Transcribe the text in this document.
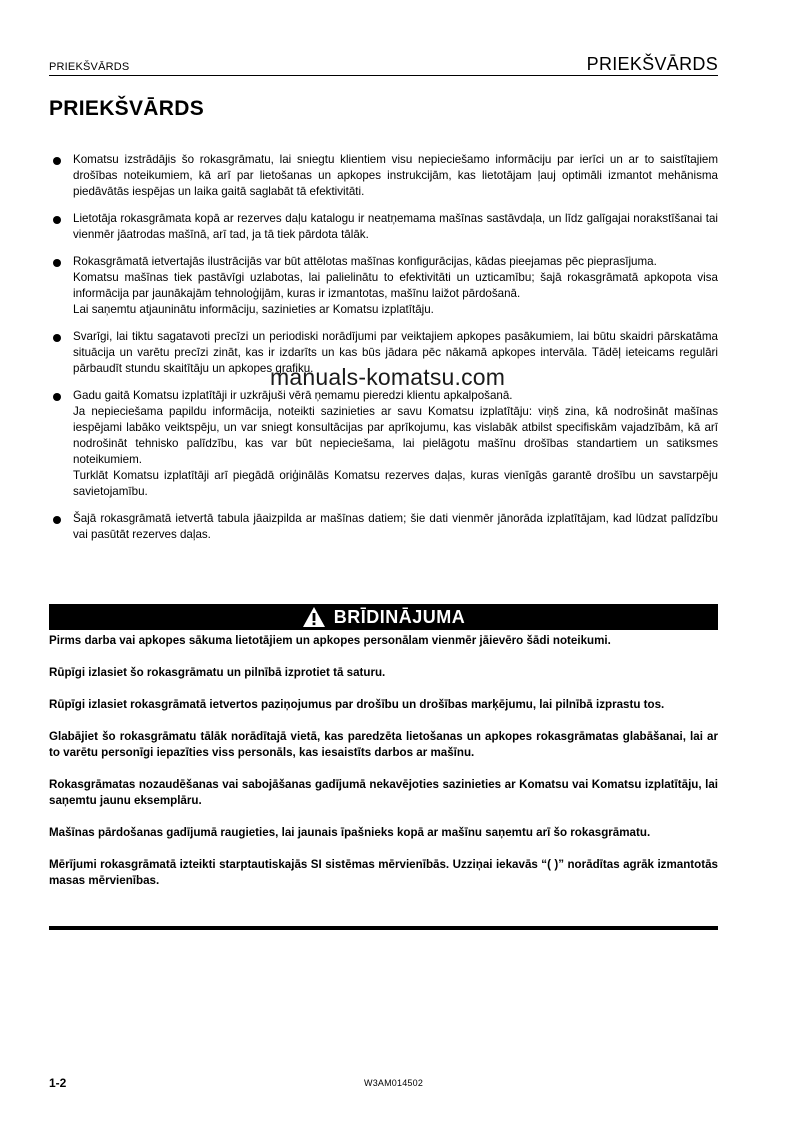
PRIEKŠVĀRDS	PRIEKŠVĀRDS
PRIEKŠVĀRDS

Komatsu izstrādājis šo rokasgrāmatu, lai sniegtu klientiem visu nepieciešamo informāciju par ierīci un ar to saistītajiem drošības noteikumiem, kā arī par lietošanas un apkopes instrukcijām, kas lietotājam ļauj optimāli izmantot mehānisma piedāvātās iespējas un laika gaitā saglabāt tā efektivitāti.

Lietotāja rokasgrāmata kopā ar rezerves daļu katalogu ir neatņemama mašīnas sastāvdaļa, un līdz galīgajai norakstīšanai tai vienmēr jāatrodas mašīnā, arī tad, ja tā tiek pārdota tālāk.

Rokasgrāmatā ietvertajās ilustrācijās var būt attēlotas mašīnas konfigurācijas, kādas pieejamas pēc pieprasījuma.

Komatsu mašīnas tiek pastāvīgi uzlabotas, lai palielinātu to efektivitāti un uzticamību; šajā rokasgrāmatā apkopota visa informācija par jaunākajām tehnoloģijām, kuras ir izmantotas, mašīnu laižot pārdošanā.

Lai saņemtu atjauninātu informāciju, sazinieties ar Komatsu izplatītāju.

Svarīgi, lai tiktu sagatavoti precīzi un periodiski norādījumi par veiktajiem apkopes pasākumiem, lai būtu skaidri pārskatāma situācija un varētu precīzi zināt, kas ir izdarīts un kas būs jādara pēc nākamā apkopes intervāla. Tādēļ ieteicams regulāri pārbaudīt stundu skaitītāju un apkopes grafiku.

Gadu gaitā Komatsu izplatītāji ir uzkrājuši vērā ņemamu pieredzi klientu apkalpošanā.

Ja nepieciešama papildu informācija, noteikti sazinieties ar savu Komatsu izplatītāju: viņš zina, kā nodrošināt mašīnas iespējami labāko veiktspēju, un var sniegt konsultācijas par aprīkojumu, kas vislabāk atbilst specifiskām vajadzībām, kā arī nodrošināt tehnisko palīdzību, kas var būt nepieciešama, lai pielāgotu mašīnu drošības standartiem un satiksmes noteikumiem.

Turklāt Komatsu izplatītāji arī piegādā oriģinālās Komatsu rezerves daļas, kuras vienīgās garantē drošību un savstarpēju savietojamību.

Šajā rokasgrāmatā ietvertā tabula jāaizpilda ar mašīnas datiem; šie dati vienmēr jānorāda izplatītājam, kad lūdzat palīdzību vai pasūtāt rezerves daļas.

manuals-komatsu.com
BRĪDINĀJUMA

Pirms darba vai apkopes sākuma lietotājiem un apkopes personālam vienmēr jāievēro šādi noteikumi.

Rūpīgi izlasiet šo rokasgrāmatu un pilnībā izprotiet tā saturu.

Rūpīgi izlasiet rokasgrāmatā ietvertos paziņojumus par drošību un drošības marķējumu, lai pilnībā izprastu tos.

Glabājiet šo rokasgrāmatu tālāk norādītajā vietā, kas paredzēta lietošanas un apkopes rokasgrāmatas glabāšanai, lai ar to varētu personīgi iepazīties viss personāls, kas iesaistīts darbos ar mašīnu.

Rokasgrāmatas nozaudēšanas vai sabojāšanas gadījumā nekavējoties sazinieties ar Komatsu vai Komatsu izplatītāju, lai saņemtu jaunu eksemplāru.

Mašīnas pārdošanas gadījumā raugieties, lai jaunais īpašnieks kopā ar mašīnu saņemtu arī šo rokasgrāmatu.

Mērījumi rokasgrāmatā izteikti starptautiskajās SI sistēmas mērvienībās. Uzziņai iekavās “( )” norādītas agrāk izmantotās masas mērvienības.

1-2	W3AM014502
